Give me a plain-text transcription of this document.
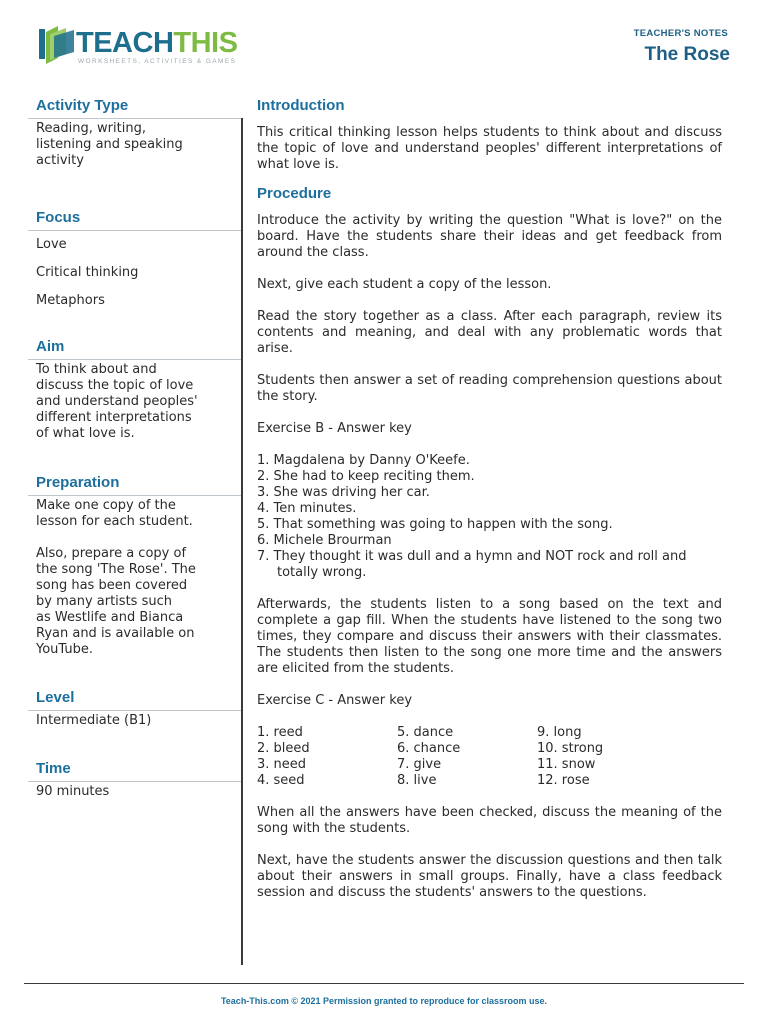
TEACHTHIS
WORKSHEETS, ACTIVITIES & GAMES
TEACHER'S NOTES
The Rose
Activity Type

Reading, writing,

listening and speaking

activity

Focus

Love

Critical thinking

Metaphors

Aim

To think about and

discuss the topic of love

and understand peoples'

different interpretations

of what love is.

Preparation

Make one copy of the

lesson for each student.

Also, prepare a copy of

the song 'The Rose'. The

song has been covered

by many artists such

as Westlife and Bianca

Ryan and is available on

YouTube.

Level

Intermediate (B1)

Time

90 minutes

Introduction

This critical thinking lesson helps students to think about and discuss the topic of love and understand peoples' different interpretations of what love is.

Procedure

Introduce the activity by writing the question "What is love?" on the board. Have the students share their ideas and get feedback from around the class.

Next, give each student a copy of the lesson.

Read the story together as a class. After each paragraph, review its contents and meaning, and deal with any problematic words that arise.

Students then answer a set of reading comprehension questions about the story.

Exercise B - Answer key

1. Magdalena by Danny O'Keefe.
2. She had to keep reciting them.
3. She was driving her car.
4. Ten minutes.
5. That something was going to happen with the song.
6. Michele Brourman
7. They thought it was dull and a hymn and NOT rock and roll and totally wrong.

Afterwards, the students listen to a song based on the text and complete a gap fill. When the students have listened to the song two times, they compare and discuss their answers with their classmates. The students then listen to the song one more time and the answers are elicited from the students.

Exercise C - Answer key

1. reed	5. dance	9. long
2. bleed	6. chance	10. strong
3. need	7. give	11. snow
4. seed	8. live	12. rose

When all the answers have been checked, discuss the meaning of the song with the students.

Next, have the students answer the discussion questions and then talk about their answers in small groups. Finally, have a class feedback session and discuss the students' answers to the questions.

Teach-This.com © 2021 Permission granted to reproduce for classroom use.
